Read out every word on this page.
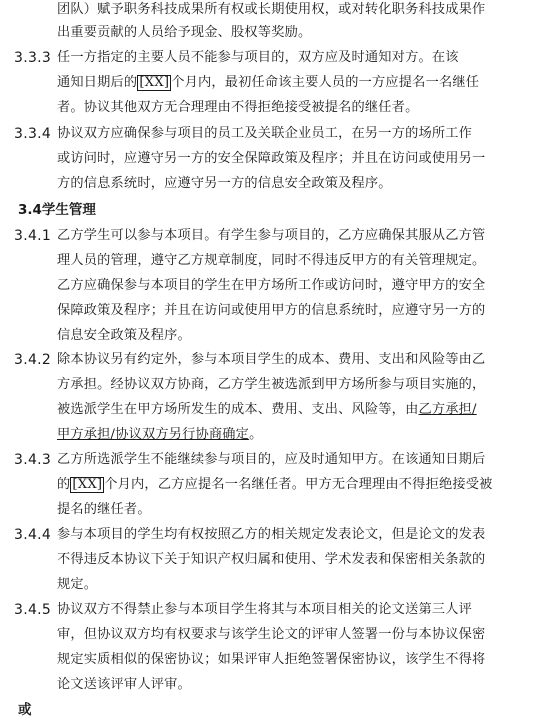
团队）赋予职务科技成果所有权或长期使用权，或对转化职务科技成果作
出重要贡献的人员给予现金、股权等奖励。
3.3.3 任一方指定的主要人员不能参与项目的，双方应及时通知对方。在该
通知日期后的 [XX] 个月内，最初任命该主要人员的一方应提名一名继任
者。协议其他双方无合理理由不得拒绝接受被提名的继任者。
3.3.4 协议双方应确保参与项目的员工及关联企业员工，在另一方的场所工作
或访问时，应遵守另一方的安全保障政策及程序；并且在访问或使用另一
方的信息系统时，应遵守另一方的信息安全政策及程序。
3.4学生管理
3.4.1 乙方学生可以参与本项目。有学生参与项目的，乙方应确保其服从乙方管
理人员的管理，遵守乙方规章制度，同时不得违反甲方的有关管理规定。
乙方应确保参与本项目的学生在甲方场所工作或访问时，遵守甲方的安全
保障政策及程序；并且在访问或使用甲方的信息系统时，应遵守另一方的
信息安全政策及程序。
3.4.2 除本协议另有约定外，参与本项目学生的成本、费用、支出和风险等由乙
方承担。经协议双方协商，乙方学生被选派到甲方场所参与项目实施的，
被选派学生在甲方场所发生的成本、费用、支出、风险等，由乙方承担/
甲方承担/协议双方另行协商确定。
3.4.3 乙方所选派学生不能继续参与项目的，应及时通知甲方。在该通知日期后
的 [XX] 个月内，乙方应提名一名继任者。甲方无合理理由不得拒绝接受被
提名的继任者。
3.4.4 参与本项目的学生均有权按照乙方的相关规定发表论文，但是论文的发表
不得违反本协议下关于知识产权归属和使用、学术发表和保密相关条款的
规定。
3.4.5 协议双方不得禁止参与本项目学生将其与本项目相关的论文送第三人评
审，但协议双方均有权要求与该学生论文的评审人签署一份与本协议保密
规定实质相似的保密协议；如果评审人拒绝签署保密协议，该学生不得将
论文送该评审人评审。
或
